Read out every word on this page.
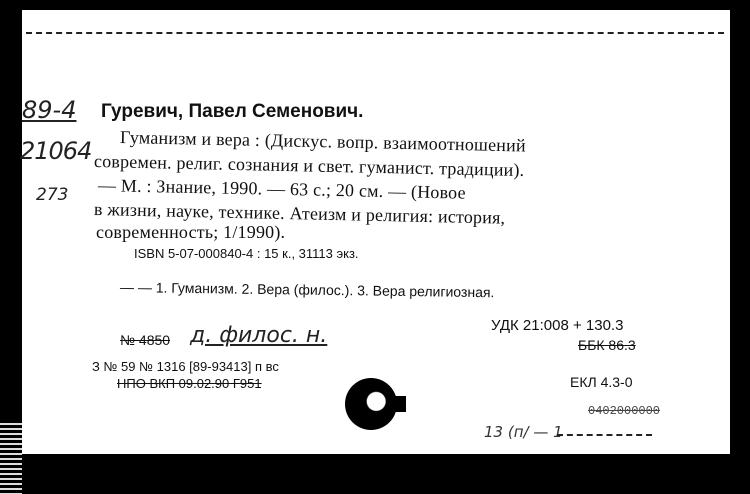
89-4
21064
273
Гуревич, Павел Семенович.
Гуманизм и вера : (Дискус. вопр. взаимоотношений
современ. религ. сознания и свет. гуманист. традиции).
— М. : Знание, 1990. — 63 с.; 20 см. — (Новое
в жизни, науке, технике. Атеизм и религия: история,
современность; 1/1990).
ISBN 5-07-000840-4 : 15 к., 31113 экз.
— — 1. Гуманизм. 2. Вера (филос.). 3. Вера религиозная.
УДК 21:008 + 130.3
№ 4850 д. филос. н.	ББК 86.3
З № 59 № 1316 [89-93413] п вс
НПО ВКП 09.02.90 Г951	ЕКЛ 4.3-0
0402000000
13 (п/ — 1
